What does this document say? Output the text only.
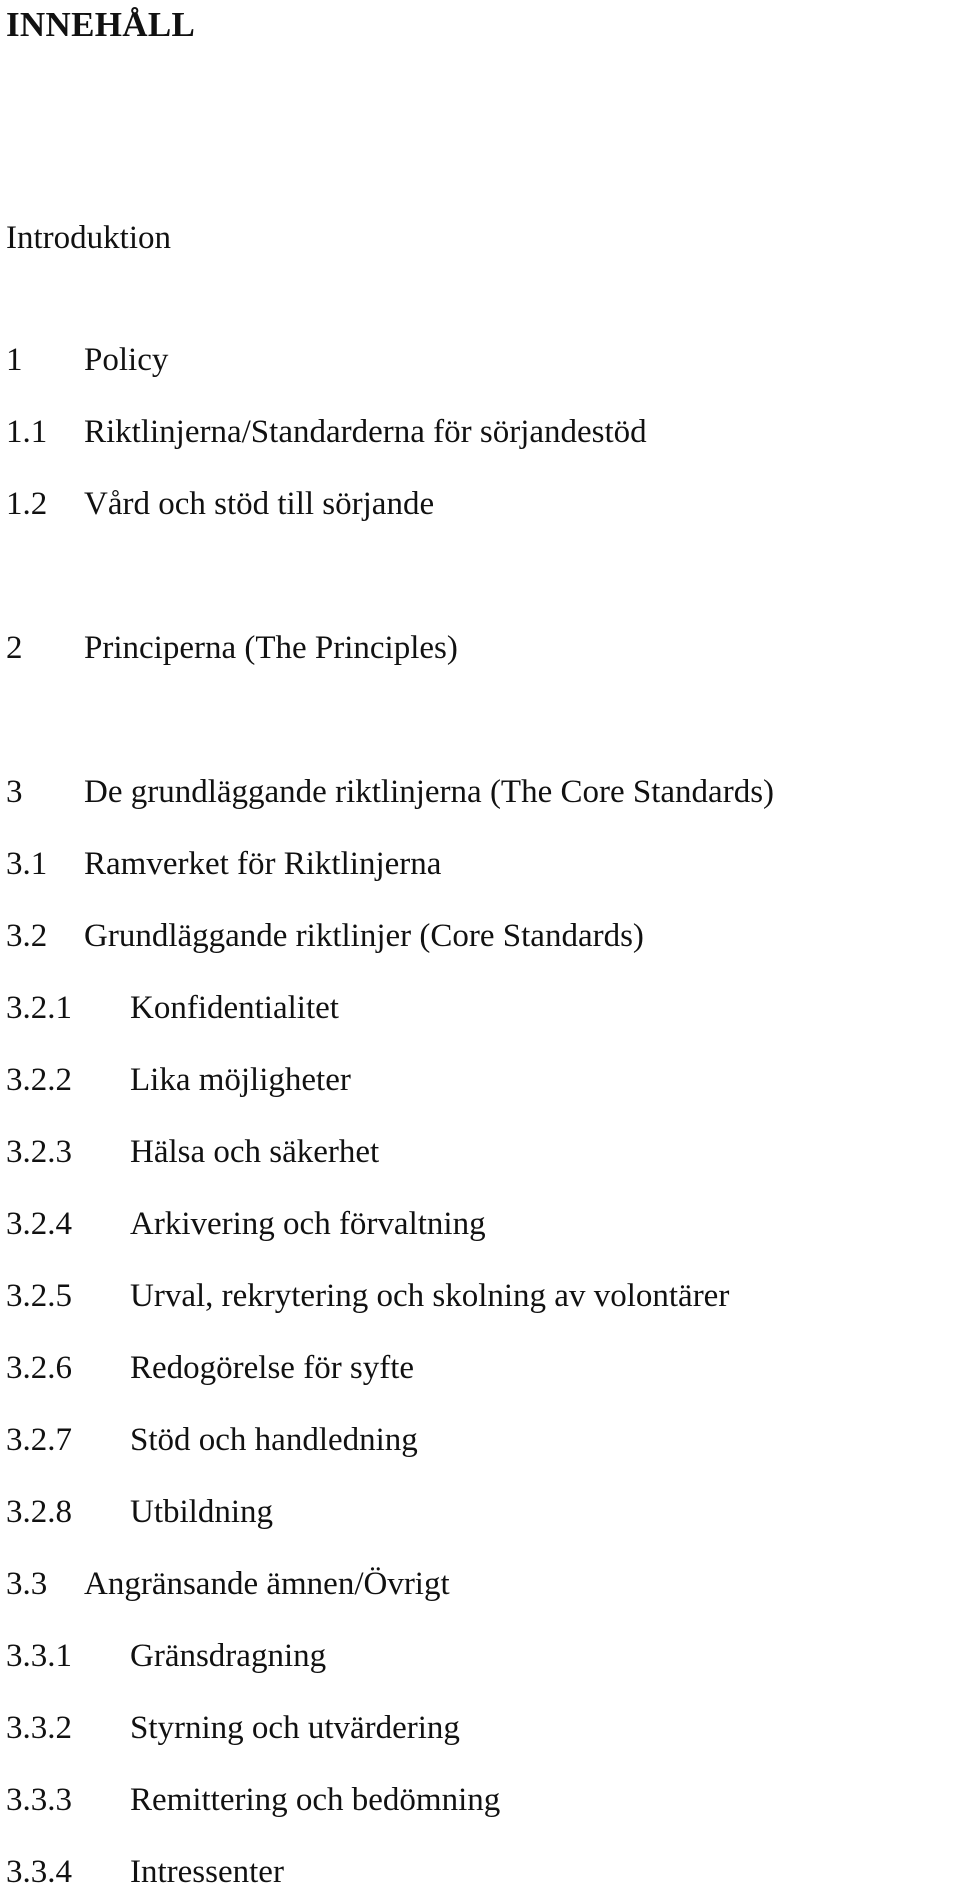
INNEHÅLL
Introduktion
1 Policy
1.1 Riktlinjerna/Standarderna för sörjandestöd
1.2 Vård och stöd till sörjande
2 Principerna (The Principles)
3 De grundläggande riktlinjerna (The Core Standards)
3.1 Ramverket för Riktlinjerna
3.2 Grundläggande riktlinjer (Core Standards)
3.2.1 Konfidentialitet
3.2.2 Lika möjligheter
3.2.3 Hälsa och säkerhet
3.2.4 Arkivering och förvaltning
3.2.5 Urval, rekrytering och skolning av volontärer
3.2.6 Redogörelse för syfte
3.2.7 Stöd och handledning
3.2.8 Utbildning
3.3 Angränsande ämnen/Övrigt
3.3.1 Gränsdragning
3.3.2 Styrning och utvärdering
3.3.3 Remittering och bedömning
3.3.4 Intressenter
